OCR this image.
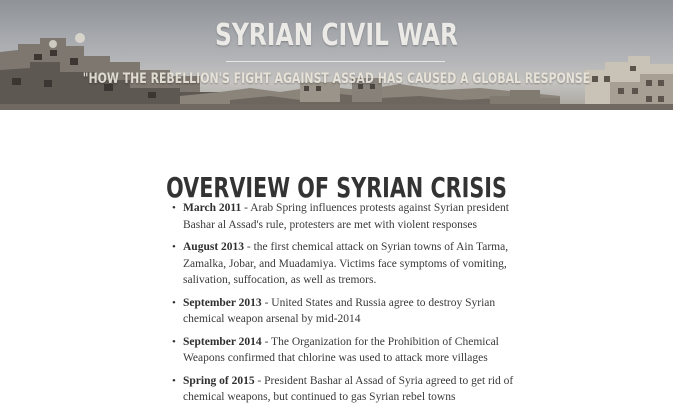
SYRIAN CIVIL WAR
"HOW THE REBELLION'S FIGHT AGAINST ASSAD HAS CAUSED A GLOBAL RESPONSE
OVERVIEW OF SYRIAN CRISIS
• March 2011 - Arab Spring influences protests against Syrian president Bashar al Assad's rule, protesters are met with violent responses
• August 2013 - the first chemical attack on Syrian towns of Ain Tarma, Zamalka, Jobar, and Muadamiya. Victims face symptoms of vomiting, salivation, suffocation, as well as tremors.
• September 2013 - United States and Russia agree to destroy Syrian chemical weapon arsenal by mid-2014
• September 2014 - The Organization for the Prohibition of Chemical Weapons confirmed that chlorine was used to attack more villages
• Spring of 2015 - President Bashar al Assad of Syria agreed to get rid of chemical weapons, but continued to gas Syrian rebel towns
